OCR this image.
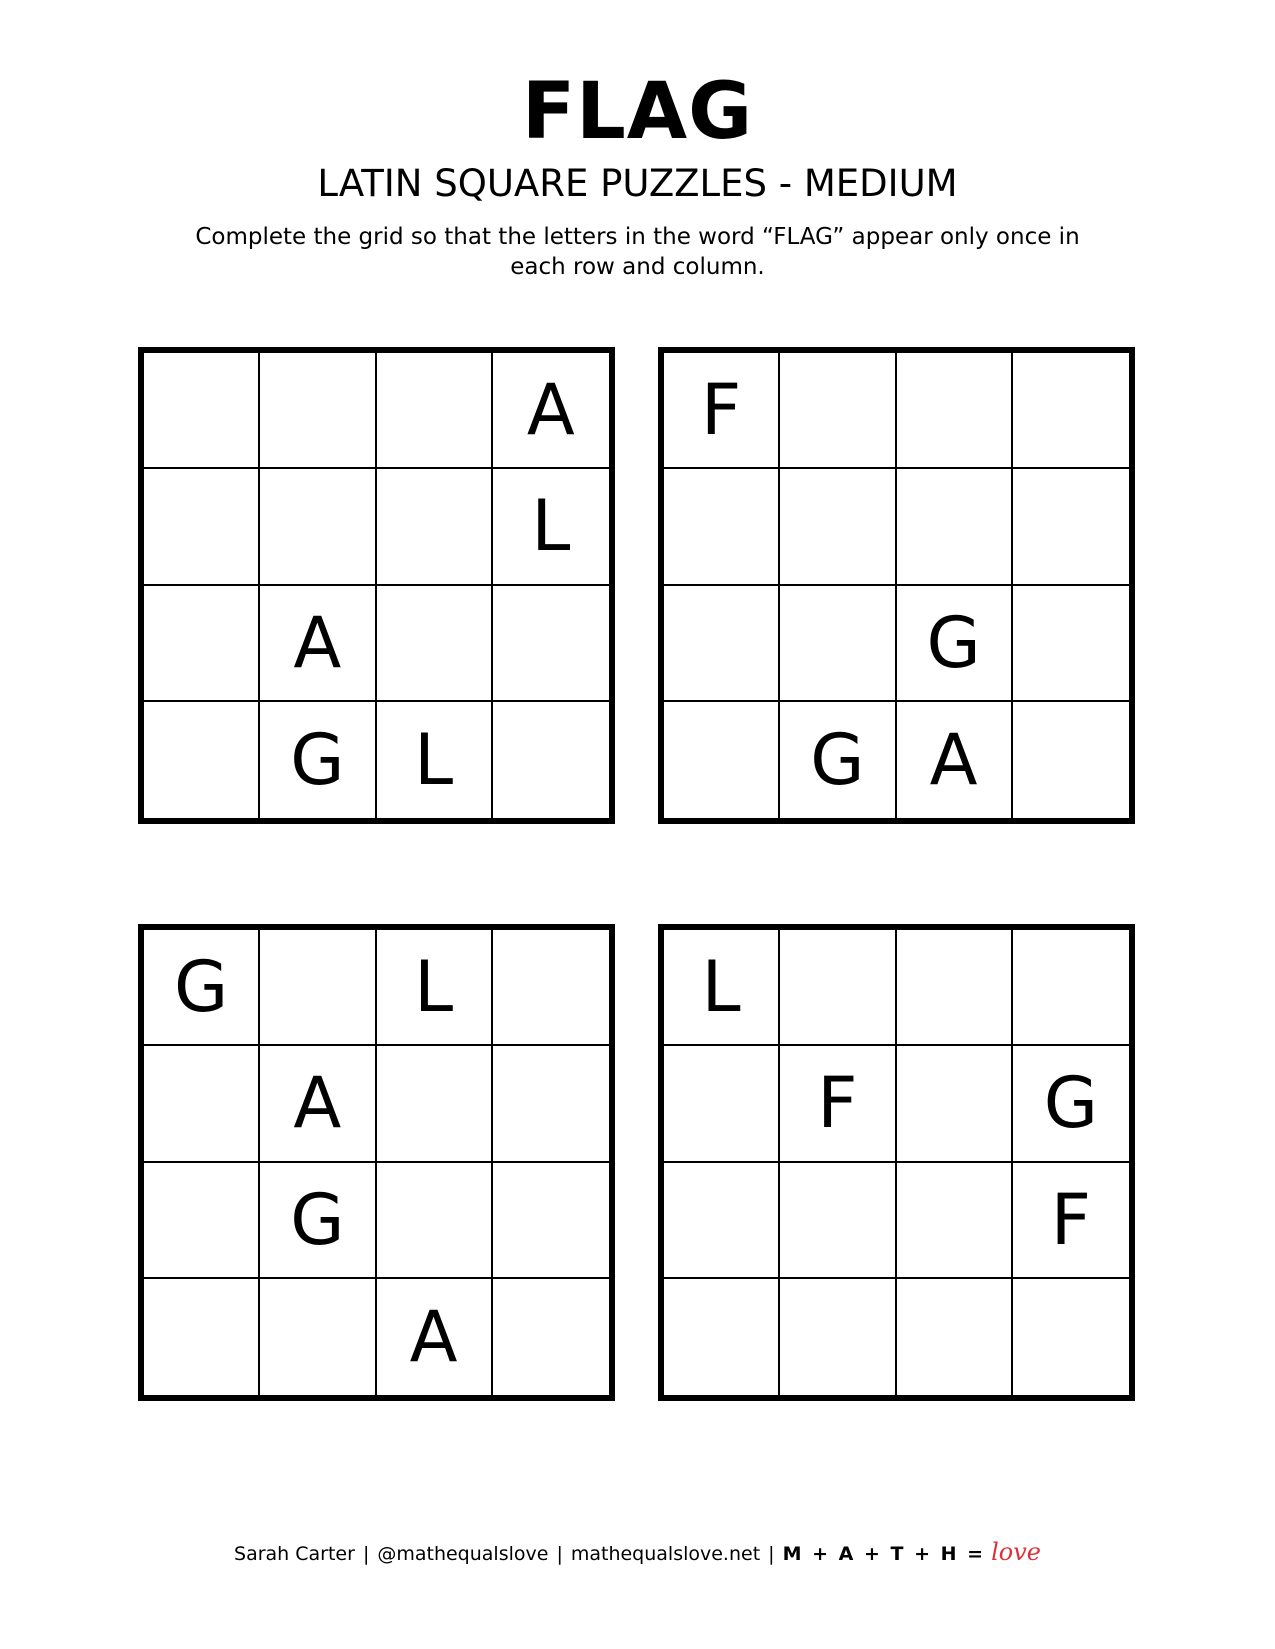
FLAG
LATIN SQUARE PUZZLES - MEDIUM
Complete the grid so that the letters in the word “FLAG” appear only once in each row and column.
A
L
A
G L
F
G
G A
G	L
A
G
A
L
F	G
F
Sarah Carter | @mathequalslove | mathequalslove.net | M + A + T + H = love
